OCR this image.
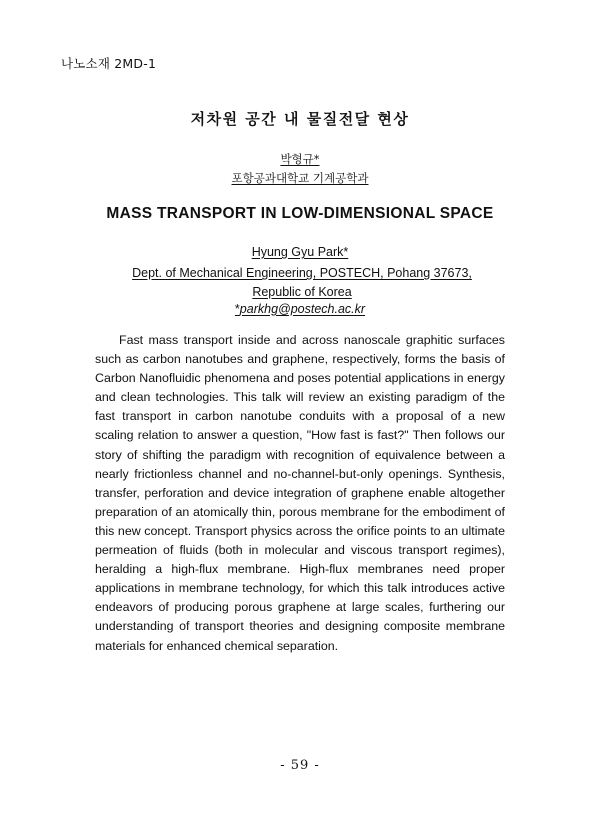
나노소재 2MD-1
저차원 공간 내 물질전달 현상
박형규*
포항공과대학교 기계공학과
MASS TRANSPORT IN LOW-DIMENSIONAL SPACE
Hyung Gyu Park*
Dept. of Mechanical Engineering, POSTECH, Pohang 37673, Republic of Korea
*parkhg@postech.ac.kr
Fast mass transport inside and across nanoscale graphitic surfaces such as carbon nanotubes and graphene, respectively, forms the basis of Carbon Nanofluidic phenomena and poses potential applications in energy and clean technologies. This talk will review an existing paradigm of the fast transport in carbon nanotube conduits with a proposal of a new scaling relation to answer a question, "How fast is fast?" Then follows our story of shifting the paradigm with recognition of equivalence between a nearly frictionless channel and no-channel-but-only openings. Synthesis, transfer, perforation and device integration of graphene enable altogether preparation of an atomically thin, porous membrane for the embodiment of this new concept. Transport physics across the orifice points to an ultimate permeation of fluids (both in molecular and viscous transport regimes), heralding a high-flux membrane. High-flux membranes need proper applications in membrane technology, for which this talk introduces active endeavors of producing porous graphene at large scales, furthering our understanding of transport theories and designing composite membrane materials for enhanced chemical separation.
- 59 -
